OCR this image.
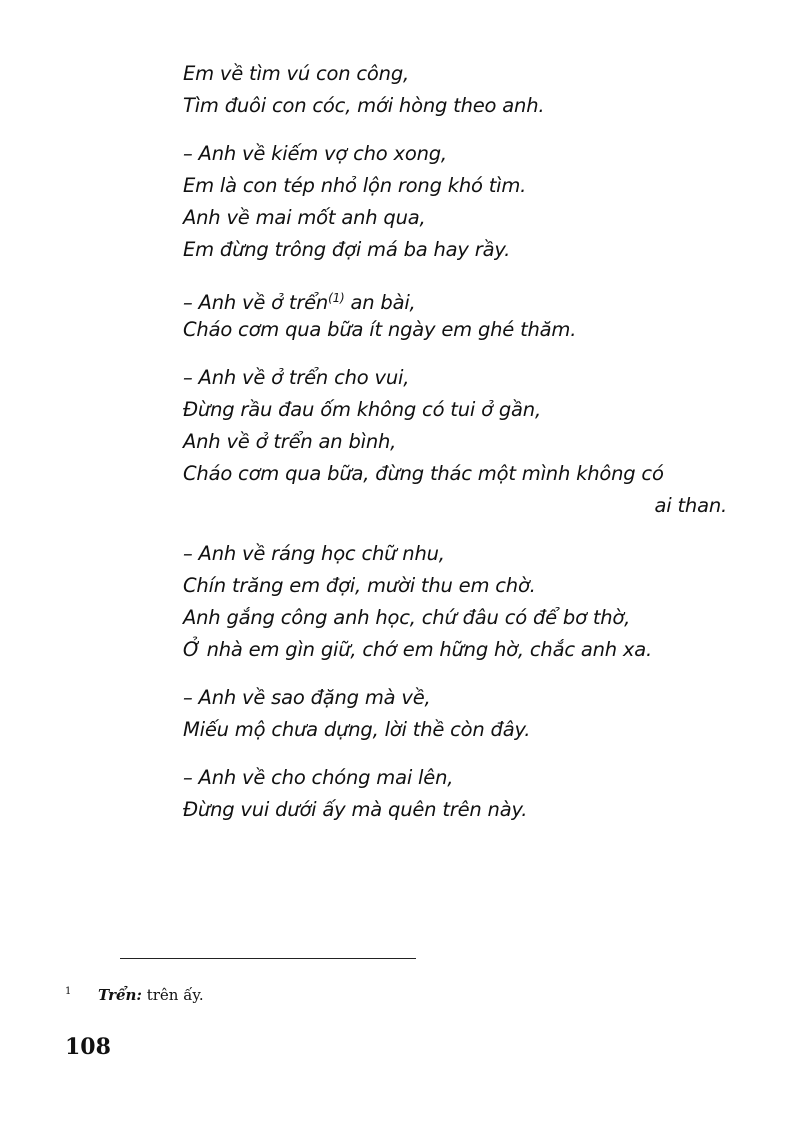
Em về tìm vú con công,
Tìm đuôi con cóc, mới hòng theo anh.
– Anh về kiếm vợ cho xong,
Em là con tép nhỏ lộn rong khó tìm.
Anh về mai mốt anh qua,
Em đừng trông đợi má ba hay rầy.
– Anh về ở trển$^{(1)}$ an bài,
Cháo cơm qua bữa ít ngày em ghé thăm.
– Anh về ở trển cho vui,
Đừng rầu đau ốm không có tui ở gần,
Anh về ở trển an bình,
Cháo cơm qua bữa, đừng thác một mình không có
ai than.
– Anh về ráng học chữ nhu,
Chín trăng em đợi, mười thu em chờ.
Anh gắng công anh học, chứ đâu có để bơ thờ,
Ở nhà em gìn giữ, chớ em hững hờ, chắc anh xa.
– Anh về sao đặng mà về,
Miếu mộ chưa dựng, lời thề còn đây.
– Anh về cho chóng mai lên,
Đừng vui dưới ấy mà quên trên này.
1 Trển: trên ấy.
108
